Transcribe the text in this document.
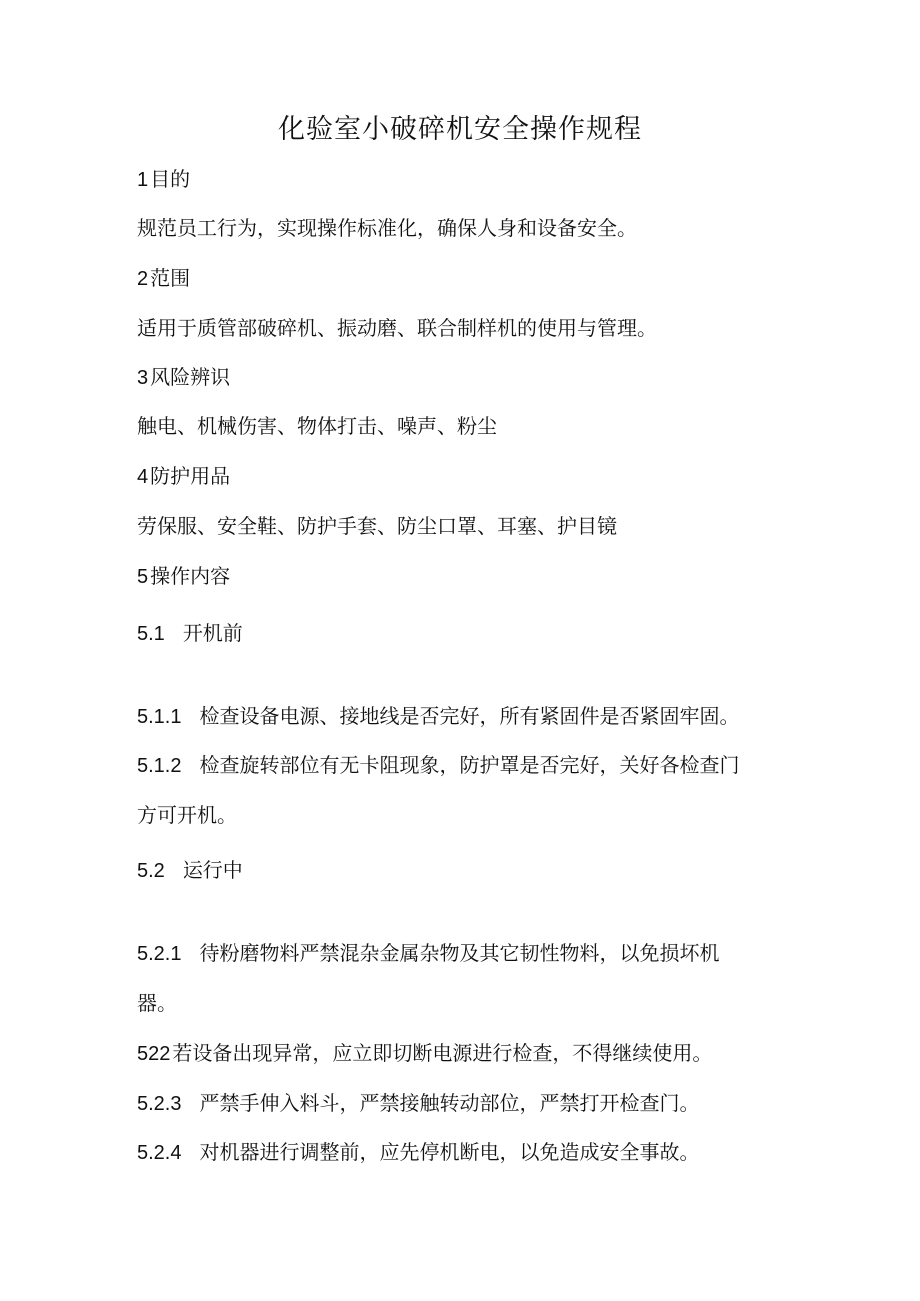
化验室小破碎机安全操作规程
1 目的
规范员工行为，实现操作标准化，确保人身和设备安全。
2 范围
适用于质管部破碎机、振动磨、联合制样机的使用与管理。
3 风险辨识
触电、机械伤害、物体打击、噪声、粉尘
4 防护用品
劳保服、安全鞋、防护手套、防尘口罩、耳塞、护目镜
5 操作内容
5.1 开机前
5.1.1 检查设备电源、接地线是否完好，所有紧固件是否紧固牢固。
5.1.2 检查旋转部位有无卡阻现象，防护罩是否完好，关好各检查门
方可开机。
5.2 运行中
5.2.1 待粉磨物料严禁混杂金属杂物及其它韧性物料，以免损坏机
器。
522 若设备出现异常，应立即切断电源进行检查，不得继续使用。
5.2.3 严禁手伸入料斗，严禁接触转动部位，严禁打开检查门。
5.2.4 对机器进行调整前，应先停机断电，以免造成安全事故。
